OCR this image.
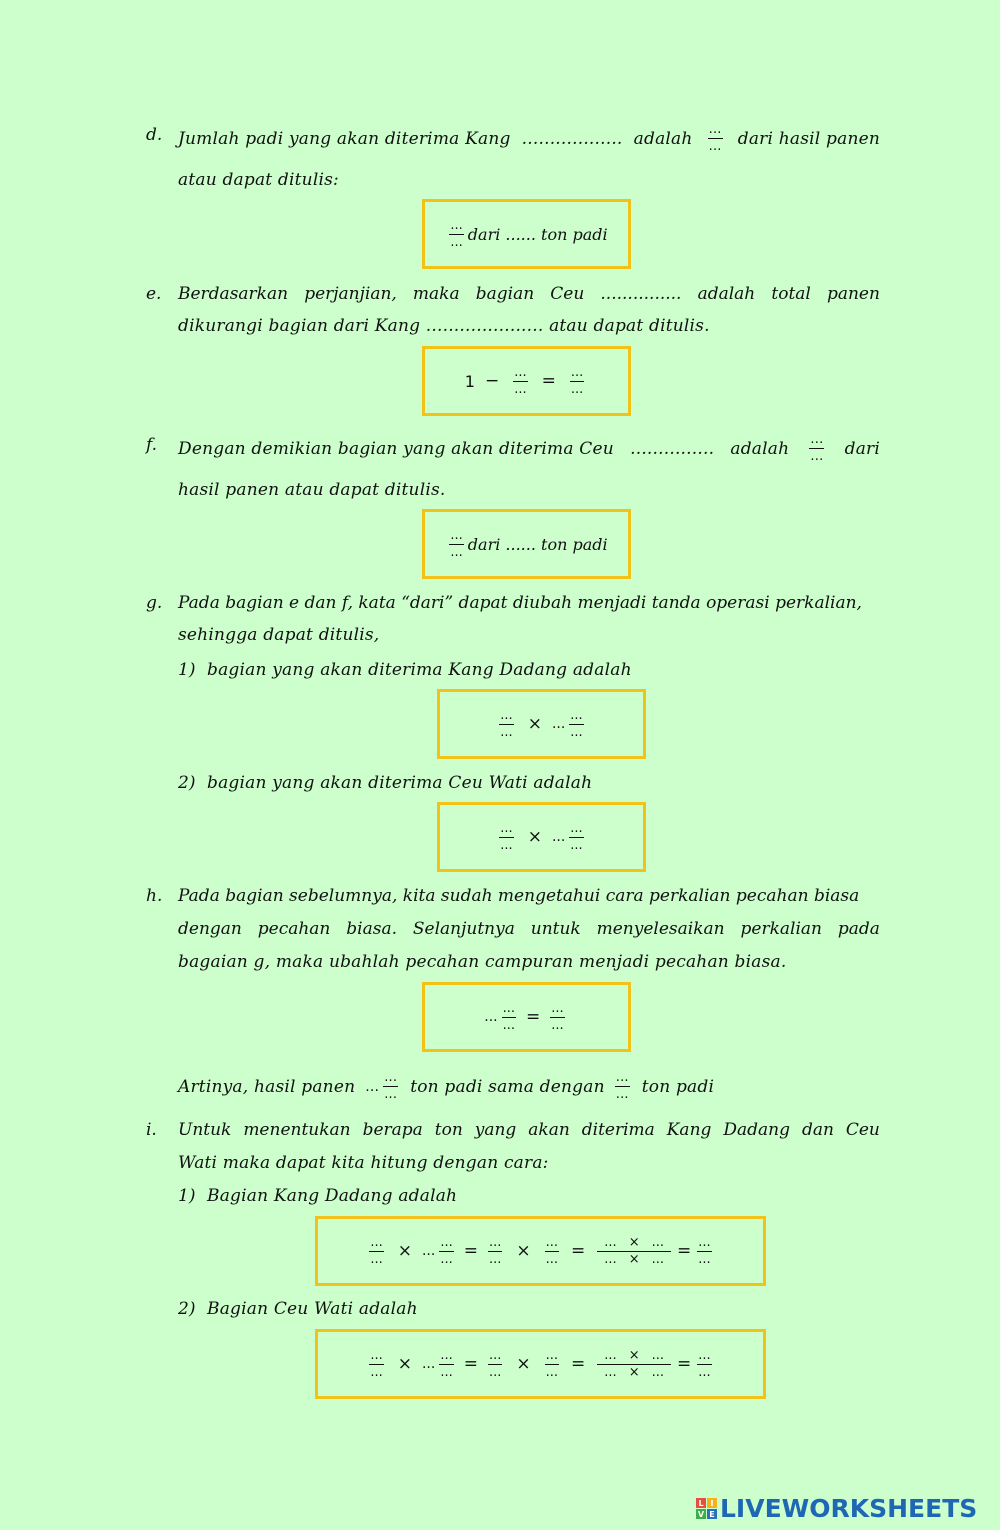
d. Jumlah padi yang akan diterima Kang .................. adalah $\frac{...}{...}$ dari hasil panen
atau dapat ditulis:
$\frac{...}{...}$ dari ...... ton padi
e. Berdasarkan perjanjian, maka bagian Ceu ............... adalah total panen
dikurangi bagian dari Kang ..................... atau dapat ditulis.
$1 - \frac{...}{...} = \frac{...}{...}$
f. Dengan demikian bagian yang akan diterima Ceu ............... adalah $\frac{...}{...}$ dari
hasil panen atau dapat ditulis.
$\frac{...}{...}$ dari ...... ton padi
g. Pada bagian e dan f, kata “dari” dapat diubah menjadi tanda operasi perkalian,
sehingga dapat ditulis,
1) bagian yang akan diterima Kang Dadang adalah
$\frac{...}{...}$ × ... $\frac{...}{...}$
2) bagian yang akan diterima Ceu Wati adalah
$\frac{...}{...}$ × ... $\frac{...}{...}$
h. Pada bagian sebelumnya, kita sudah mengetahui cara perkalian pecahan biasa
dengan pecahan biasa. Selanjutnya untuk menyelesaikan perkalian pada
bagaian g, maka ubahlah pecahan campuran menjadi pecahan biasa.
... $\frac{...}{...} = \frac{...}{...}$
Artinya, hasil panen ... $\frac{...}{...}$ ton padi sama dengan $\frac{...}{...}$ ton padi
i. Untuk menentukan berapa ton yang akan diterima Kang Dadang dan Ceu
Wati maka dapat kita hitung dengan cara:
1) Bagian Kang Dadang adalah
$\frac{...}{...}$ × ... $\frac{...}{...} = \frac{...}{...} \times \frac{...}{...} = \frac{... \times ...}{... \times ...} = \frac{...}{...}$
2) Bagian Ceu Wati adalah
$\frac{...}{...}$ × ... $\frac{...}{...} = \frac{...}{...} \times \frac{...}{...} = \frac{... \times ...}{... \times ...} = \frac{...}{...}$
L I
V E LIVEWORKSHEETS
